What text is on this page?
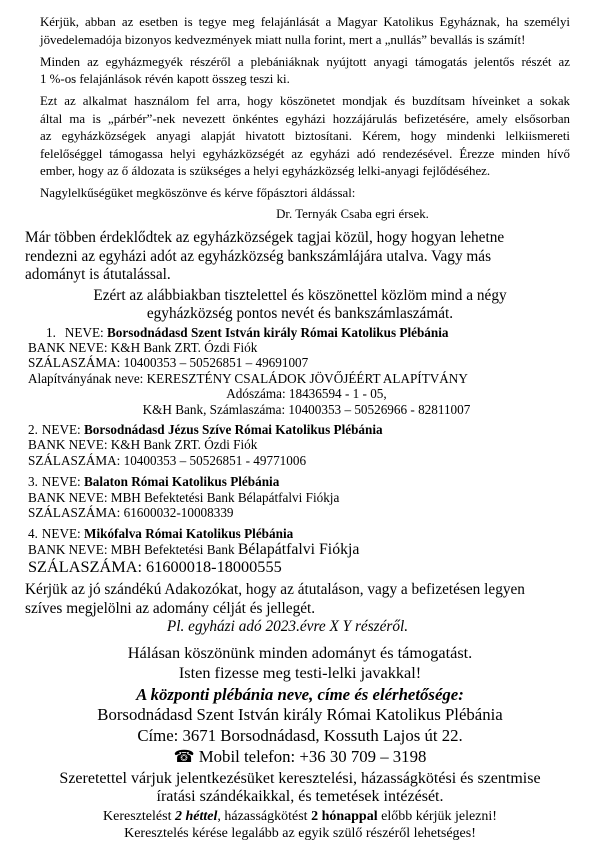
Kérjük, abban az esetben is tegye meg felajánlását a Magyar Katolikus Egyháznak, ha személyi
jövedelemadója bizonyos kedvezmények miatt nulla forint, mert a „nullás” bevallás is számít!
Minden az egyházmegyék részéről a plebániáknak nyújtott anyagi támogatás jelentős részét az
1 %-os felajánlások révén kapott összeg teszi ki.
Ezt az alkalmat használom fel arra, hogy köszönetet mondjak és buzdítsam híveinket a sokak
által ma is „párbér”-nek nevezett önkéntes egyházi hozzájárulás befizetésére, amely elsősorban
az egyházközségek anyagi alapját hivatott biztosítani. Kérem, hogy mindenki lelkiismereti
felelőséggel támogassa helyi egyházközségét az egyházi adó rendezésével. Érezze minden hívő
ember, hogy az ő áldozata is szükséges a helyi egyházközség lelki-anyagi fejlődéséhez.
Nagylelkűségüket megköszönve és kérve főpásztori áldással:
Dr. Ternyák Csaba egri érsek.
Már többen érdeklődtek az egyházközségek tagjai közül, hogy hogyan lehetne
rendezni az egyházi adót az egyházközség bankszámlájára utalva. Vagy más
adományt is átutalással.
Ezért az alábbiakban tisztelettel és köszönettel közlöm mind a négy
egyházközség pontos nevét és bankszámlaszámát.
1. NEVE: Borsodnádasd Szent István király Római Katolikus Plébánia
BANK NEVE: K&H Bank ZRT. Ózdi Fiók
SZÁLASZÁMA: 10400353 – 50526851 – 49691007
Alapítványának neve: KERESZTÉNY CSALÁDOK JÖVŐJÉÉRT ALAPÍTVÁNY
Adószáma: 18436594 - 1 - 05,
K&H Bank, Számlaszáma: 10400353 – 50526966 - 82811007
2. NEVE: Borsodnádasd Jézus Szíve Római Katolikus Plébánia
BANK NEVE: K&H Bank ZRT. Ózdi Fiók
SZÁLASZÁMA: 10400353 – 50526851 - 49771006
3. NEVE: Balaton Római Katolikus Plébánia
BANK NEVE: MBH Befektetési Bank Bélapátfalvi Fiókja
SZÁLASZÁMA: 61600032-10008339
4. NEVE: Mikófalva Római Katolikus Plébánia
BANK NEVE: MBH Befektetési Bank Bélapátfalvi Fiókja
SZÁLASZÁMA: 61600018-18000555
Kérjük az jó szándékú Adakozókat, hogy az átutaláson, vagy a befizetésen legyen
szíves megjelölni az adomány célját és jellegét.
Pl. egyházi adó 2023.évre X Y részéről.
Hálásan köszönünk minden adományt és támogatást.
Isten fizesse meg testi-lelki javakkal!
A központi plébánia neve, címe és elérhetősége:
Borsodnádasd Szent István király Római Katolikus Plébánia
Címe: 3671 Borsodnádasd, Kossuth Lajos út 22.
☎ Mobil telefon: +36 30 709 – 3198
Szeretettel várjuk jelentkezésüket keresztelési, házasságkötési és szentmise
íratási szándékaikkal, és temetések intézését.
Keresztelést 2 héttel, házasságkötést 2 hónappal előbb kérjük jelezni!
Keresztelés kérése legalább az egyik szülő részéről lehetséges!
